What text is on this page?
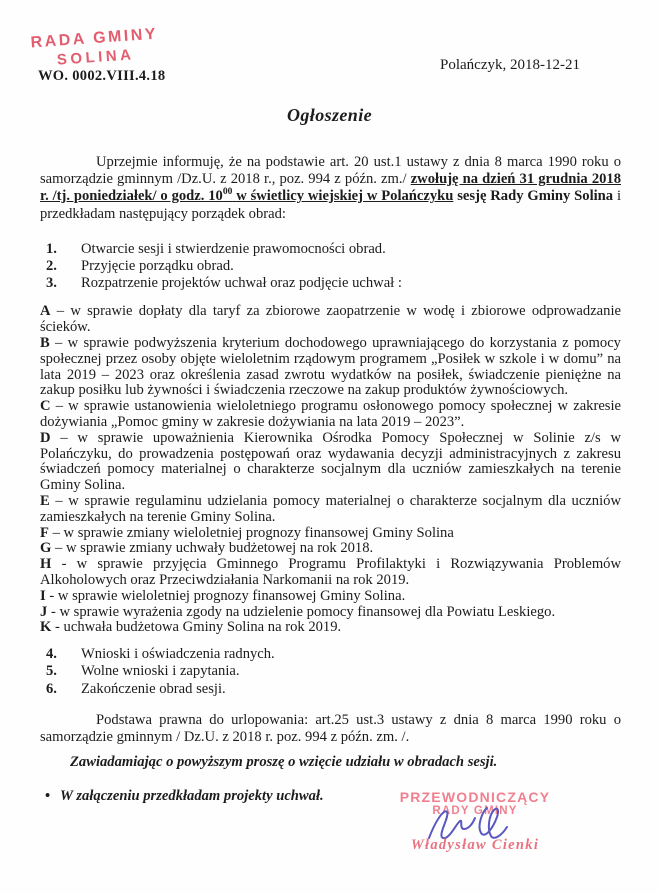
RADA GMINY
SOLINA
WO. 0002.VIII.4.18
Polańczyk, 2018-12-21
Ogłoszenie

Uprzejmie informuję, że na podstawie art. 20 ust.1 ustawy z dnia 8 marca 1990 roku o samorządzie gminnym /Dz.U. z 2018 r., poz. 994 z późn. zm./ zwołuję na dzień 31 grudnia 2018 r. /tj. poniedziałek/ o godz. $10^{00}$ w świetlicy wiejskiej w Polańczyku sesję Rady Gminy Solina i przedkładam następujący porządek obrad:

1.	Otwarcie sesji i stwierdzenie prawomocności obrad.
2.	Przyjęcie porządku obrad.
3.	Rozpatrzenie projektów uchwał oraz podjęcie uchwał :

A – w sprawie dopłaty dla taryf za zbiorowe zaopatrzenie w wodę i zbiorowe odprowadzanie ścieków.

B – w sprawie podwyższenia kryterium dochodowego uprawniającego do korzystania z pomocy społecznej przez osoby objęte wieloletnim rządowym programem „Posiłek w szkole i w domu” na lata 2019 – 2023 oraz określenia zasad zwrotu wydatków na posiłek, świadczenie pieniężne na zakup posiłku lub żywności i świadczenia rzeczowe na zakup produktów żywnościowych.

C – w sprawie ustanowienia wieloletniego programu osłonowego pomocy społecznej w zakresie dożywiania „Pomoc gminy w zakresie dożywiania na lata 2019 – 2023”.

D – w sprawie upoważnienia Kierownika Ośrodka Pomocy Społecznej w Solinie z/s w Polańczyku, do prowadzenia postępowań oraz wydawania decyzji administracyjnych z zakresu świadczeń pomocy materialnej o charakterze socjalnym dla uczniów zamieszkałych na terenie Gminy Solina.

E – w sprawie regulaminu udzielania pomocy materialnej o charakterze socjalnym dla uczniów zamieszkałych na terenie Gminy Solina.

F – w sprawie zmiany wieloletniej prognozy finansowej Gminy Solina

G – w sprawie zmiany uchwały budżetowej na rok 2018.

H - w sprawie przyjęcia Gminnego Programu Profilaktyki i Rozwiązywania Problemów Alkoholowych oraz Przeciwdziałania Narkomanii na rok 2019.

I - w sprawie wieloletniej prognozy finansowej Gminy Solina.

J - w sprawie wyrażenia zgody na udzielenie pomocy finansowej dla Powiatu Leskiego.

K - uchwała budżetowa Gminy Solina na rok 2019.

4.	Wnioski i oświadczenia radnych.
5.	Wolne wnioski i zapytania.
6.	Zakończenie obrad sesji.

Podstawa prawna do urlopowania: art.25 ust.3 ustawy z dnia 8 marca 1990 roku o samorządzie gminnym / Dz.U. z 2018 r. poz. 994 z późn. zm. /.

Zawiadamiając o powyższym proszę o wzięcie udziału w obradach sesji.

• W załączeniu przedkładam projekty uchwał.	PRZEWODNICZĄCY
RADY GMINY
Władysław Cienki
